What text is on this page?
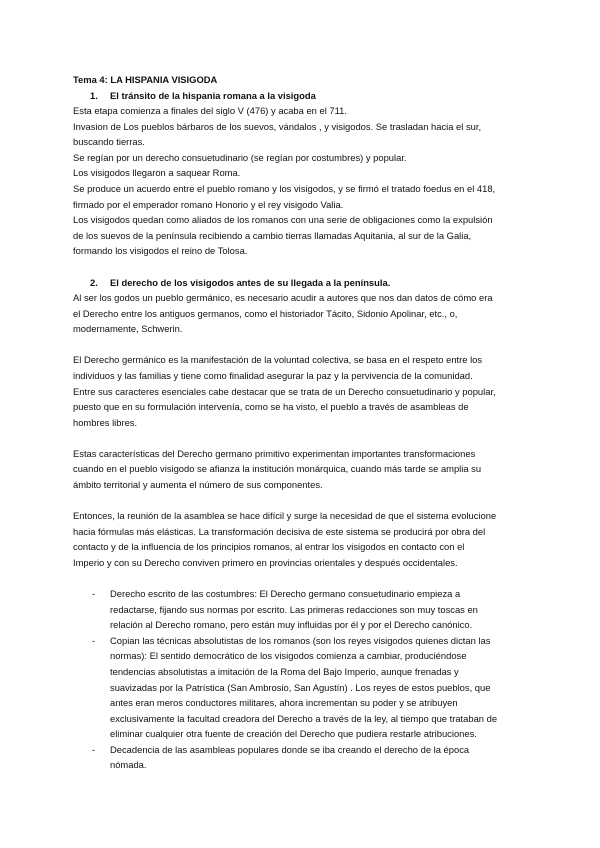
Tema 4: LA HISPANIA VISIGODA
1. El tránsito de la hispania romana a la visigoda
Esta etapa comienza a finales del siglo V (476) y acaba en el 711.
Invasion de Los pueblos bárbaros de los suevos, vándalos , y visigodos. Se trasladan hacia el sur,
buscando tierras.
Se regían por un derecho consuetudinario (se regían por costumbres) y popular.
Los visigodos llegaron a saquear Roma.
Se produce un acuerdo entre el pueblo romano y los visigodos, y se firmó el tratado foedus en el 418,
firmado por el emperador romano Honorio y el rey visigodo Valia.
Los visigodos quedan como aliados de los romanos con una serie de obligaciones como la expulsión
de los suevos de la península recibiendo a cambio tierras llamadas Aquitania, al sur de la Galia,
formando los visigodos el reino de Tolosa.
2. El derecho de los visigodos antes de su llegada a la península.
Al ser los godos un pueblo germánico, es necesario acudir a autores que nos dan datos de cómo era
el Derecho entre los antiguos germanos, como el historiador Tácito, Sidonio Apolinar, etc., o,
modernamente, Schwerin.
El Derecho germánico es la manifestación de la voluntad colectiva, se basa en el respeto entre los
individuos y las familias y tiene como finalidad asegurar la paz y la pervivencia de la comunidad.
Entre sus caracteres esenciales cabe destacar que se trata de un Derecho consuetudinario y popular,
puesto que en su formulación intervenía, como se ha visto, el pueblo a través de asambleas de
hombres libres.
Estas características del Derecho germano primitivo experimentan importantes transformaciones
cuando en el pueblo visigodo se afianza la institución monárquica, cuando más tarde se amplia su
ámbito territorial y aumenta el número de sus componentes.
Entonces, la reunión de la asamblea se hace difícil y surge la necesidad de que el sistema evolucione
hacia fórmulas más elásticas. La transformación decisiva de este sistema se producirá por obra del
contacto y de la influencia de los principios romanos, al entrar los visigodos en contacto con el
Imperio y con su Derecho conviven primero en provincias orientales y después occidentales.
- Derecho escrito de las costumbres: El Derecho germano consuetudinario empieza a
redactarse, fijando sus normas por escrito. Las primeras redacciones son muy toscas en
relación al Derecho romano, pero están muy influidas por él y por el Derecho canónico.
- Copian las técnicas absolutistas de los romanos (son los reyes visigodos quienes dictan las
normas): El sentido democrático de los visigodos comienza a cambiar, produciéndose
tendencias absolutistas a imitación de la Roma del Bajo Imperio, aunque frenadas y
suavizadas por la Patrística (San Ambrosio, San Agustín) . Los reyes de estos pueblos, que
antes eran meros conductores militares, ahora incrementan su poder y se atribuyen
exclusivamente la facultad creadora del Derecho a través de la ley, al tiempo que trataban de
eliminar cualquier otra fuente de creación del Derecho que pudiera restarle atribuciones.
- Decadencia de las asambleas populares donde se iba creando el derecho de la época
nómada.
